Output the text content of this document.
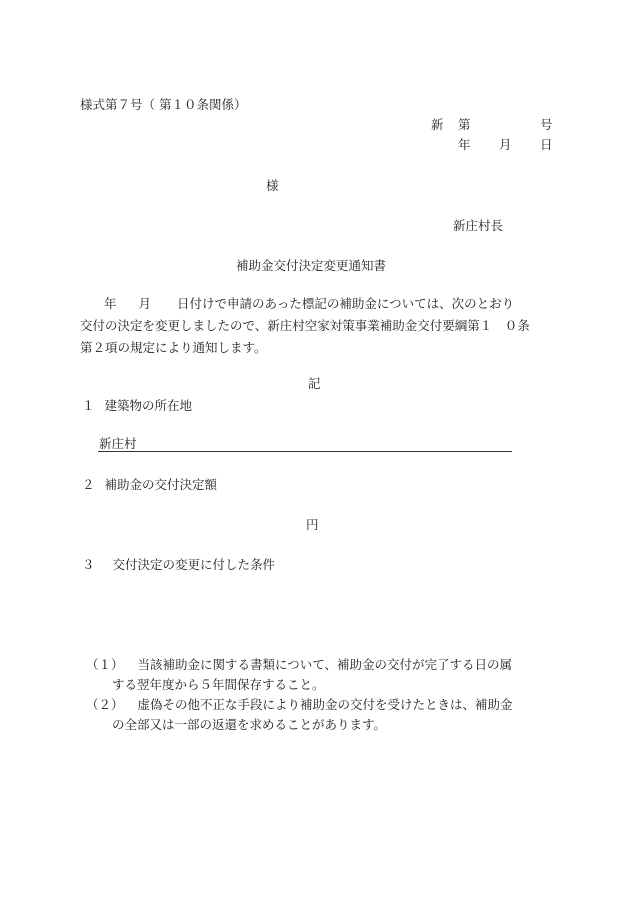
様式第７号（ 第１０条関係）
新 第	号
年 月 日
様
新庄村長
補助金交付決定変更通知書
年 月 日付けで申請のあった標記の補助金については、次のとおり
交付の決定を変更しましたので、新庄村空家対策事業補助金交付要綱第１　０条
第２項の規定により通知します。
記
１ 建築物の所在地
新庄村
２ 補助金の交付決定額
円
３ 交付決定の変更に付した条件
（１） 当該補助金に関する書類について、補助金の交付が完了する日の属
する翌年度から５年間保存すること。
（２） 虚偽その他不正な手段により補助金の交付を受けたときは、補助金
の全部又は一部の返還を求めることがあります。
